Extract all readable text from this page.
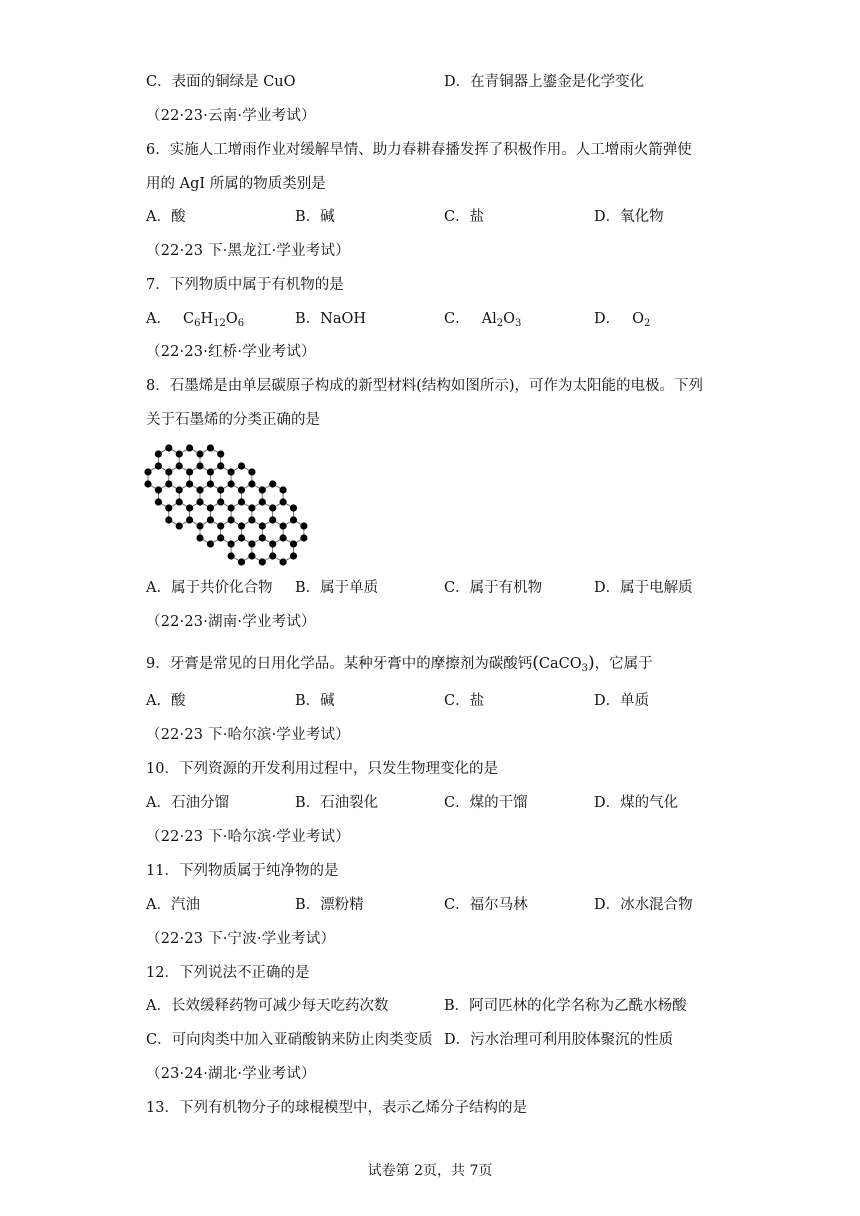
C．表面的铜绿是 CuO	D．在青铜器上鎏金是化学变化
（22·23·云南·学业考试）
6．实施人工增雨作业对缓解旱情、助力春耕春播发挥了积极作用。人工增雨火箭弹使
用的 AgI 所属的物质类别是
A．酸	B．碱	C．盐	D．氧化物
（22·23 下·黑龙江·学业考试）
7．下列物质中属于有机物的是
A． $C_6H_{12}O_6$	B．NaOH	C． $Al_2O_3$	D． $O_2$
（22·23·红桥·学业考试）
8．石墨烯是由单层碳原子构成的新型材料(结构如图所示)，可作为太阳能的电极。下列
关于石墨烯的分类正确的是
A．属于共价化合物 B．属于单质	C．属于有机物	D．属于电解质
（22·23·湖南·学业考试）
9．牙膏是常见的日用化学品。某种牙膏中的摩擦剂为碳酸钙(CaCO$_3$)，它属于
A．酸	B．碱	C．盐	D．单质
（22·23 下·哈尔滨·学业考试）
10．下列资源的开发利用过程中，只发生物理变化的是
A．石油分馏	B．石油裂化	C．煤的干馏	D．煤的气化
（22·23 下·哈尔滨·学业考试）
11．下列物质属于纯净物的是
A．汽油	B．漂粉精	C．福尔马林	D．冰水混合物
（22·23 下·宁波·学业考试）
12．下列说法不正确的是
A．长效缓释药物可减少每天吃药次数	B．阿司匹林的化学名称为乙酰水杨酸
C．可向肉类中加入亚硝酸钠来防止肉类变质 D．污水治理可利用胶体聚沉的性质
（23·24·湖北·学业考试）
13．下列有机物分子的球棍模型中，表示乙烯分子结构的是
试卷第 2页，共 7页
